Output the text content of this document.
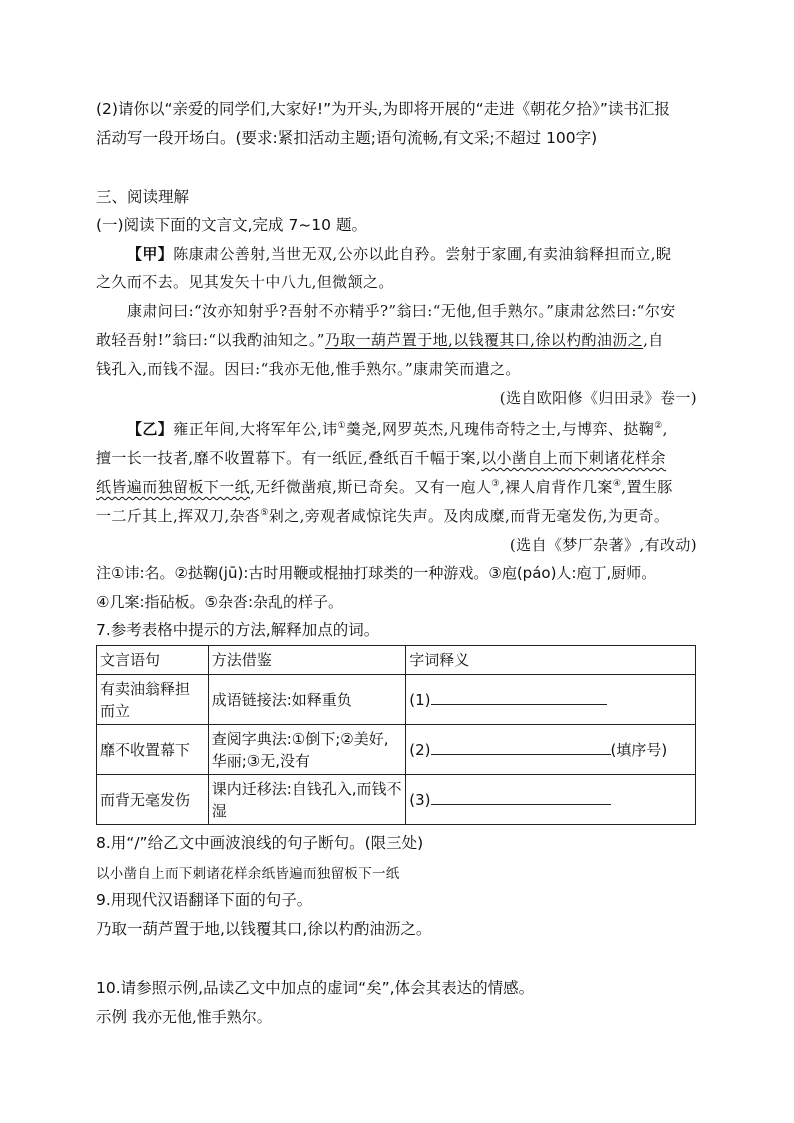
(2)请你以“亲爱的同学们,大家好!”为开头,为即将开展的“走进《朝花夕拾》”读书汇报
活动写一段开场白。(要求:紧扣活动主题;语句流畅,有文采;不超过 100字)
三、阅读理解
(一)阅读下面的文言文,完成 7~10 题。
【甲】陈康肃公善射,当世无双,公亦以此自矜。尝射于家圃,有卖油翁释担而立,睨
之久而不去。见其发矢十中八九,但微颔之。
康肃问曰:“汝亦知射乎?吾射不亦精乎?”翁曰:“无他,但手熟尔。”康肃忿然曰:“尔安
敢轻吾射!”翁曰:“以我酌油知之。”乃取一葫芦置于地,以钱覆其口,徐以杓酌油沥之,自
钱孔入,而钱不湿。因曰:“我亦无他,惟手熟尔。”康肃笑而遣之。
(选自欧阳修《归田录》卷一)
【乙】雍正年间,大将军年公,讳①羹尧,网罗英杰,凡瑰伟奇特之士,与博弈、挞鞠②,
擅一长一技者,靡不收置幕下。有一纸匠,叠纸百千幅于案,以小凿自上而下刺诸花样余
纸皆遍而独留板下一纸,无纤微凿痕,斯已奇矣。又有一庖人③,裸人肩背作几案④,置生豚
一二斤其上,挥双刀,杂沓⑤剁之,旁观者咸惊诧失声。及肉成糜,而背无毫发伤,为更奇。
(选自《梦厂杂著》,有改动)
注①讳:名。②挞鞠(jū):古时用鞭或棍抽打球类的一种游戏。③庖(páo)人:庖丁,厨师。
④几案:指砧板。⑤杂沓:杂乱的样子。
7.参考表格中提示的方法,解释加点的词。
文言语句	方法借鉴	字词释义
有卖油翁释担而立	成语链接法:如释重负	(1)
靡不收置幕下	查阅字典法:①倒下;②美好,华丽;③无,没有	(2) (填序号)
而背无毫发伤	课内迁移法:自钱孔入,而钱不湿	(3)
8.用“/”给乙文中画波浪线的句子断句。(限三处)
以小凿自上而下刺诸花样余纸皆遍而独留板下一纸
9.用现代汉语翻译下面的句子。
乃取一葫芦置于地,以钱覆其口,徐以杓酌油沥之。
10.请参照示例,品读乙文中加点的虚词“矣”,体会其表达的情感。
示例 我亦无他,惟手熟尔。
